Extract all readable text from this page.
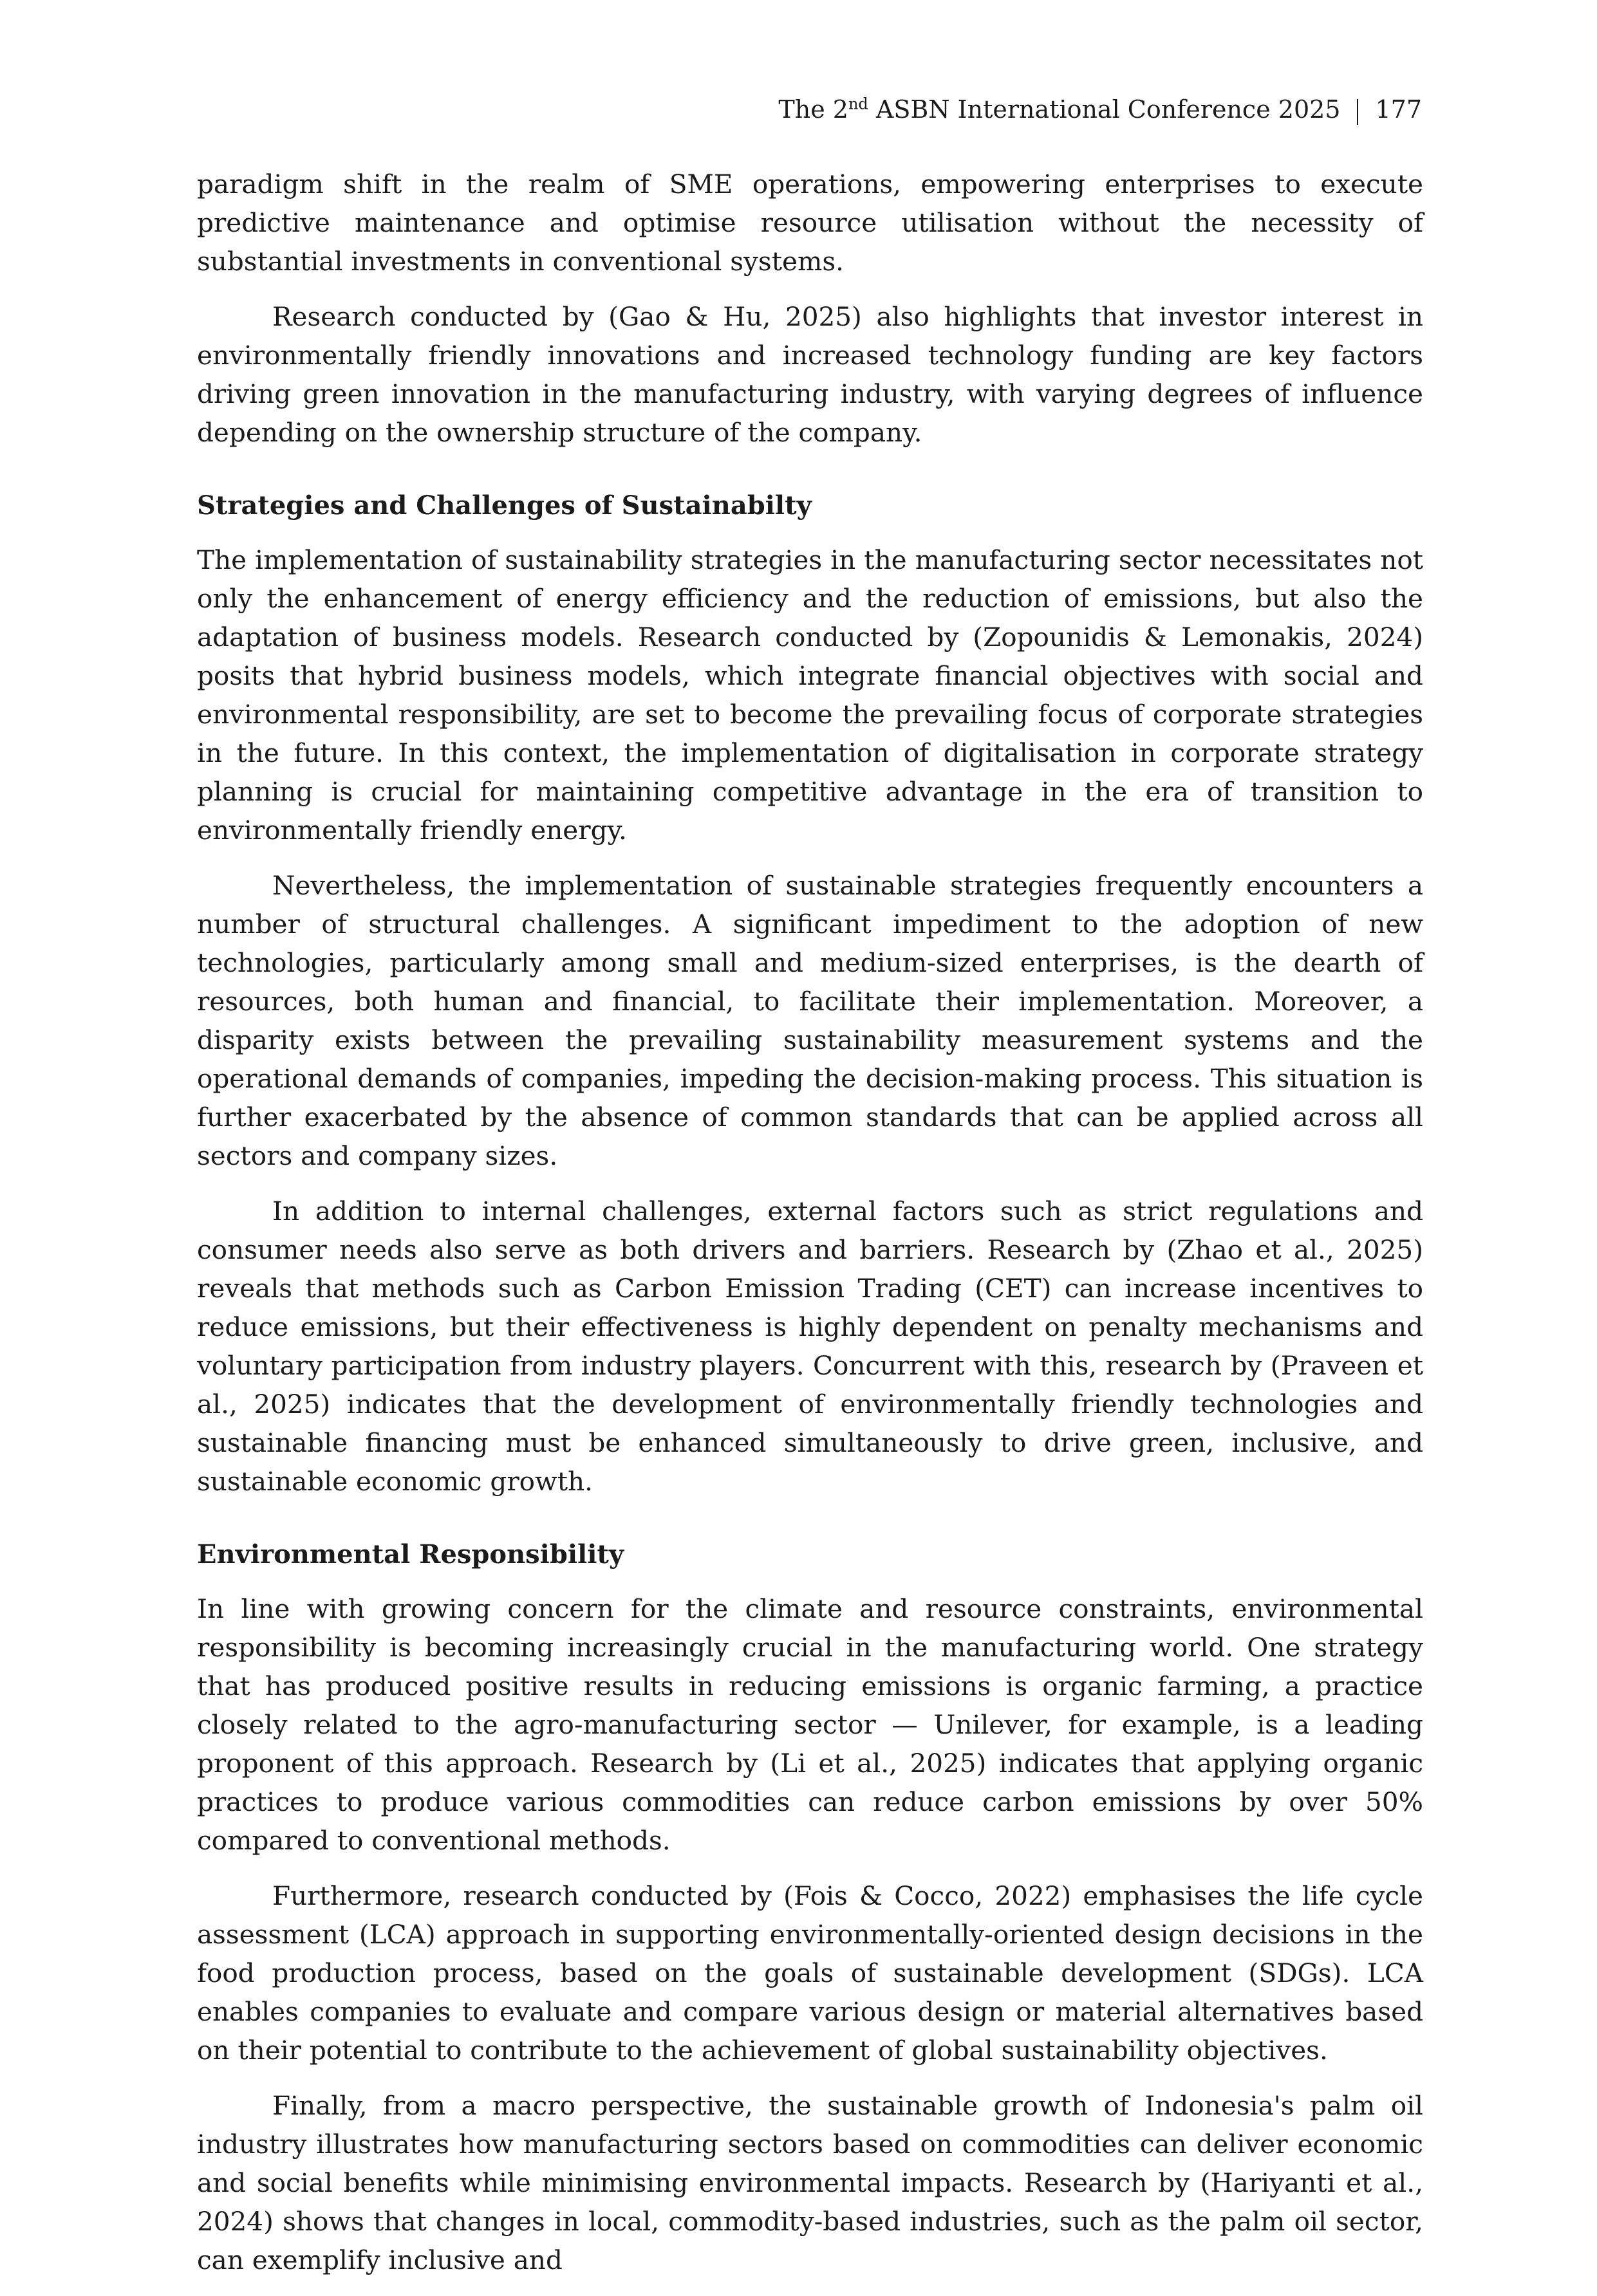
The 2nd ASBN International Conference 2025 177

paradigm shift in the realm of SME operations, empowering enterprises to execute predictive maintenance and optimise resource utilisation without the necessity of substantial investments in conventional systems.

Research conducted by (Gao & Hu, 2025) also highlights that investor interest in environmentally friendly innovations and increased technology funding are key factors driving green innovation in the manufacturing industry, with varying degrees of influence depending on the ownership structure of the company.

Strategies and Challenges of Sustainabilty

The implementation of sustainability strategies in the manufacturing sector necessitates not only the enhancement of energy efficiency and the reduction of emissions, but also the adaptation of business models. Research conducted by (Zopounidis & Lemonakis, 2024) posits that hybrid business models, which integrate financial objectives with social and environmental responsibility, are set to become the prevailing focus of corporate strategies in the future. In this context, the implementation of digitalisation in corporate strategy planning is crucial for maintaining competitive advantage in the era of transition to environmentally friendly energy.

Nevertheless, the implementation of sustainable strategies frequently encounters a number of structural challenges. A significant impediment to the adoption of new technologies, particularly among small and medium-sized enterprises, is the dearth of resources, both human and financial, to facilitate their implementation. Moreover, a disparity exists between the prevailing sustainability measurement systems and the operational demands of companies, impeding the decision-making process. This situation is further exacerbated by the absence of common standards that can be applied across all sectors and company sizes.

In addition to internal challenges, external factors such as strict regulations and consumer needs also serve as both drivers and barriers. Research by (Zhao et al., 2025) reveals that methods such as Carbon Emission Trading (CET) can increase incentives to reduce emissions, but their effectiveness is highly dependent on penalty mechanisms and voluntary participation from industry players. Concurrent with this, research by (Praveen et al., 2025) indicates that the development of environmentally friendly technologies and sustainable financing must be enhanced simultaneously to drive green, inclusive, and sustainable economic growth.

Environmental Responsibility

In line with growing concern for the climate and resource constraints, environmental responsibility is becoming increasingly crucial in the manufacturing world. One strategy that has produced positive results in reducing emissions is organic farming, a practice closely related to the agro-manufacturing sector — Unilever, for example, is a leading proponent of this approach. Research by (Li et al., 2025) indicates that applying organic practices to produce various commodities can reduce carbon emissions by over 50% compared to conventional methods.

Furthermore, research conducted by (Fois & Cocco, 2022) emphasises the life cycle assessment (LCA) approach in supporting environmentally-oriented design decisions in the food production process, based on the goals of sustainable development (SDGs). LCA enables companies to evaluate and compare various design or material alternatives based on their potential to contribute to the achievement of global sustainability objectives.

Finally, from a macro perspective, the sustainable growth of Indonesia's palm oil industry illustrates how manufacturing sectors based on commodities can deliver economic and social benefits while minimising environmental impacts. Research by (Hariyanti et al., 2024) shows that changes in local, commodity-based industries, such as the palm oil sector, can exemplify inclusive and
